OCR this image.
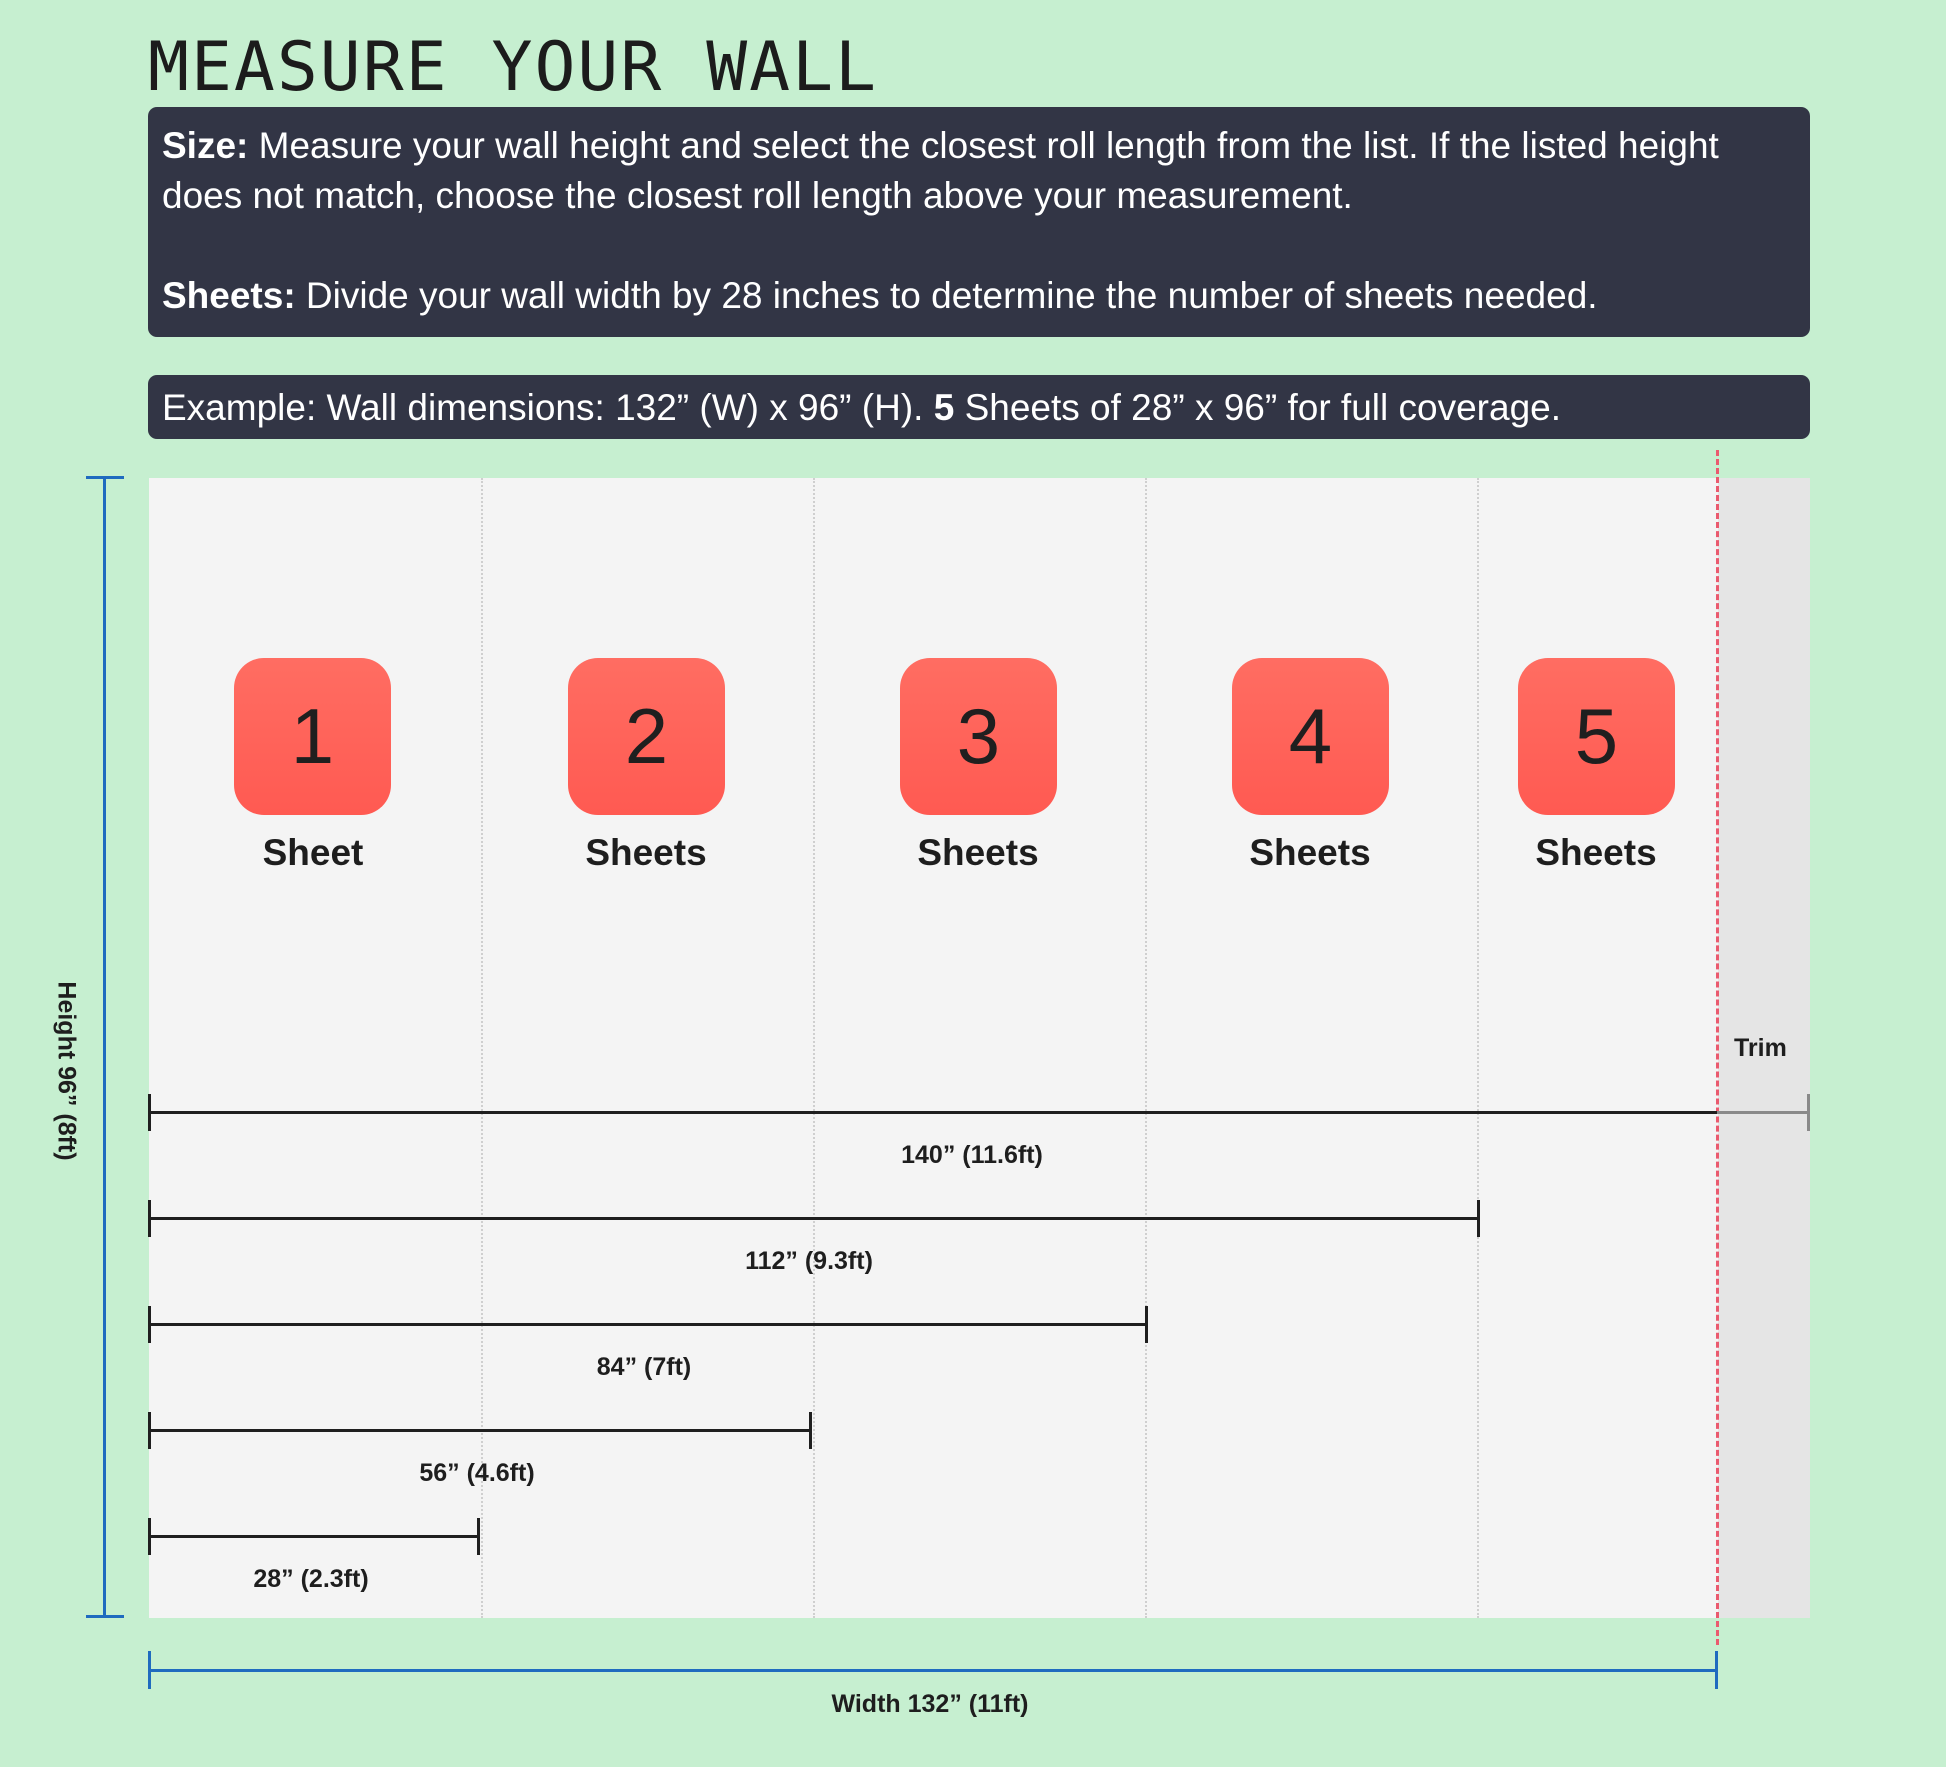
MEASURE YOUR WALL

Size: Measure your wall height and select the closest roll length from the list. If the listed height does not match, choose the closest roll length above your measurement.

Sheets: Divide your wall width by 28 inches to determine the number of sheets needed.

Example: Wall dimensions: 132” (W) x 96” (H). 5 Sheets of 28” x 96” for full coverage.
1	2	3	4	5
Sheet	Sheets	Sheets	Sheets	Sheets
Trim
140” (11.6ft)
112” (9.3ft)
84” (7ft)
56” (4.6ft)
28” (2.3ft)
Height 96” (8ft)
Width 132” (11ft)
